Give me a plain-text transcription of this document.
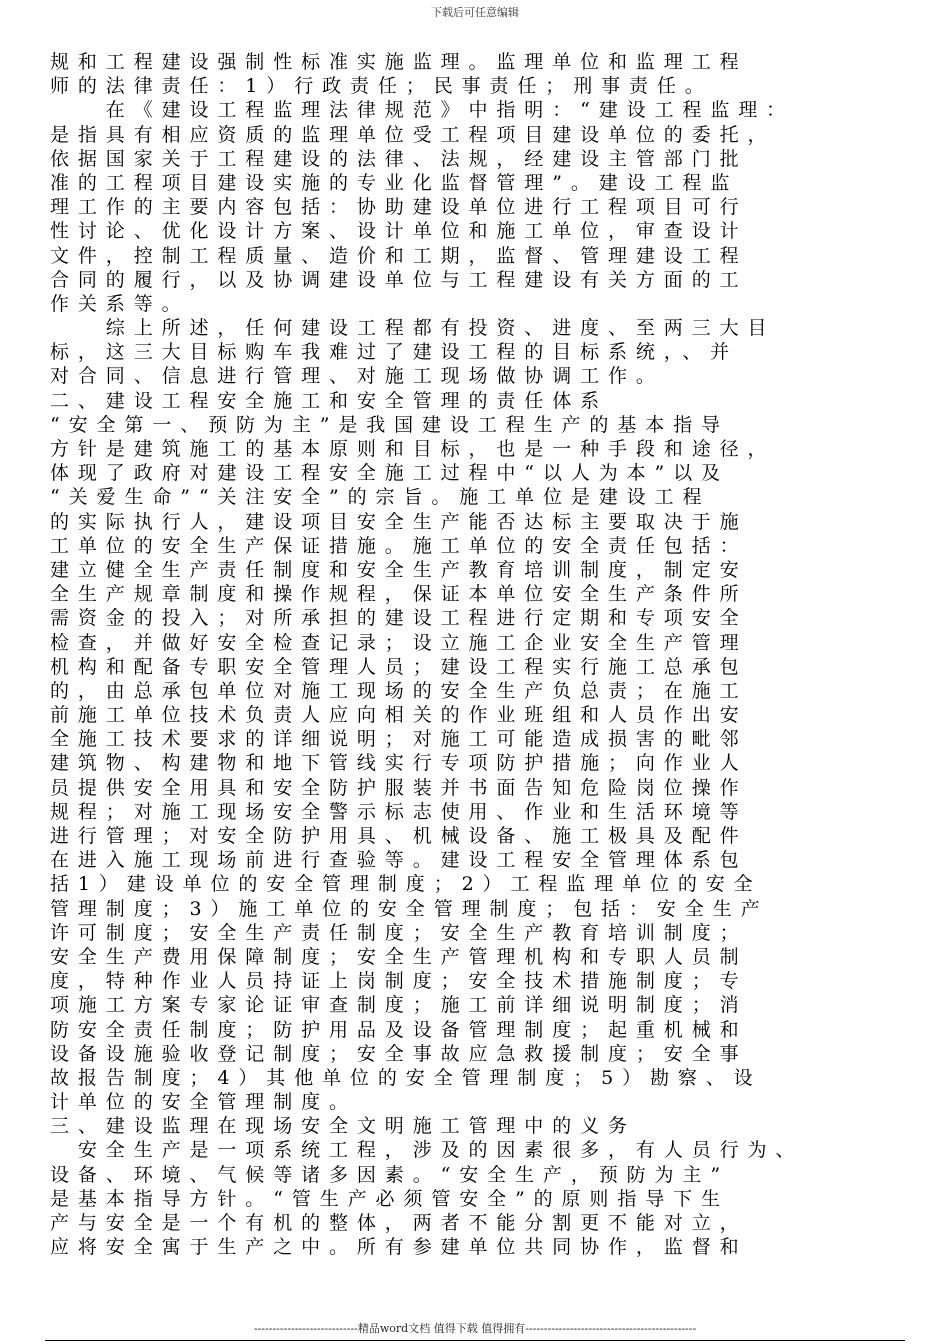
下载后可任意编辑
规和工程建设强制性标准实施监理。监理单位和监理工程
师的法律责任：1）行政责任；民事责任；刑事责任。
　　在《建设工程监理法律规范》中指明：“建设工程监理：
是指具有相应资质的监理单位受工程项目建设单位的委托，
依据国家关于工程建设的法律、法规，经建设主管部门批
准的工程项目建设实施的专业化监督管理”。建设工程监
理工作的主要内容包括：协助建设单位进行工程项目可行
性讨论、优化设计方案、设计单位和施工单位，审查设计
文件，控制工程质量、造价和工期，监督、管理建设工程
合同的履行，以及协调建设单位与工程建设有关方面的工
作关系等。
　　综上所述，任何建设工程都有投资、进度、至两三大目
标，这三大目标购车我难过了建设工程的目标系统，、并
对合同、信息进行管理、对施工现场做协调工作。
二、建设工程安全施工和安全管理的责任体系
“安全第一、预防为主”是我国建设工程生产的基本指导
方针是建筑施工的基本原则和目标，也是一种手段和途径，
体现了政府对建设工程安全施工过程中“以人为本”以及
“关爱生命”“关注安全”的宗旨。施工单位是建设工程
的实际执行人，建设项目安全生产能否达标主要取决于施
工单位的安全生产保证措施。施工单位的安全责任包括：
建立健全生产责任制度和安全生产教育培训制度，制定安
全生产规章制度和操作规程，保证本单位安全生产条件所
需资金的投入；对所承担的建设工程进行定期和专项安全
检查，并做好安全检查记录；设立施工企业安全生产管理
机构和配备专职安全管理人员；建设工程实行施工总承包
的，由总承包单位对施工现场的安全生产负总责；在施工
前施工单位技术负责人应向相关的作业班组和人员作出安
全施工技术要求的详细说明；对施工可能造成损害的毗邻
建筑物、构建物和地下管线实行专项防护措施；向作业人
员提供安全用具和安全防护服装并书面告知危险岗位操作
规程；对施工现场安全警示标志使用、作业和生活环境等
进行管理；对安全防护用具、机械设备、施工极具及配件
在进入施工现场前进行查验等。建设工程安全管理体系包
括1）建设单位的安全管理制度；2）工程监理单位的安全
管理制度；3）施工单位的安全管理制度；包括：安全生产
许可制度；安全生产责任制度；安全生产教育培训制度；
安全生产费用保障制度；安全生产管理机构和专职人员制
度，特种作业人员持证上岗制度；安全技术措施制度；专
项施工方案专家论证审查制度；施工前详细说明制度；消
防安全责任制度；防护用品及设备管理制度；起重机械和
设备设施验收登记制度；安全事故应急救援制度；安全事
故报告制度；4）其他单位的安全管理制度；5）勘察、设
计单位的安全管理制度。
三、建设监理在现场安全文明施工管理中的义务
　安全生产是一项系统工程，涉及的因素很多，有人员行为、
设备、环境、气候等诸多因素。“安全生产，预防为主”
是基本指导方针。“管生产必须管安全”的原则指导下生
产与安全是一个有机的整体，两者不能分割更不能对立，
应将安全寓于生产之中。所有参建单位共同协作，监督和
----------------------------精品word文档 值得下载 值得拥有----------------------------------------------
